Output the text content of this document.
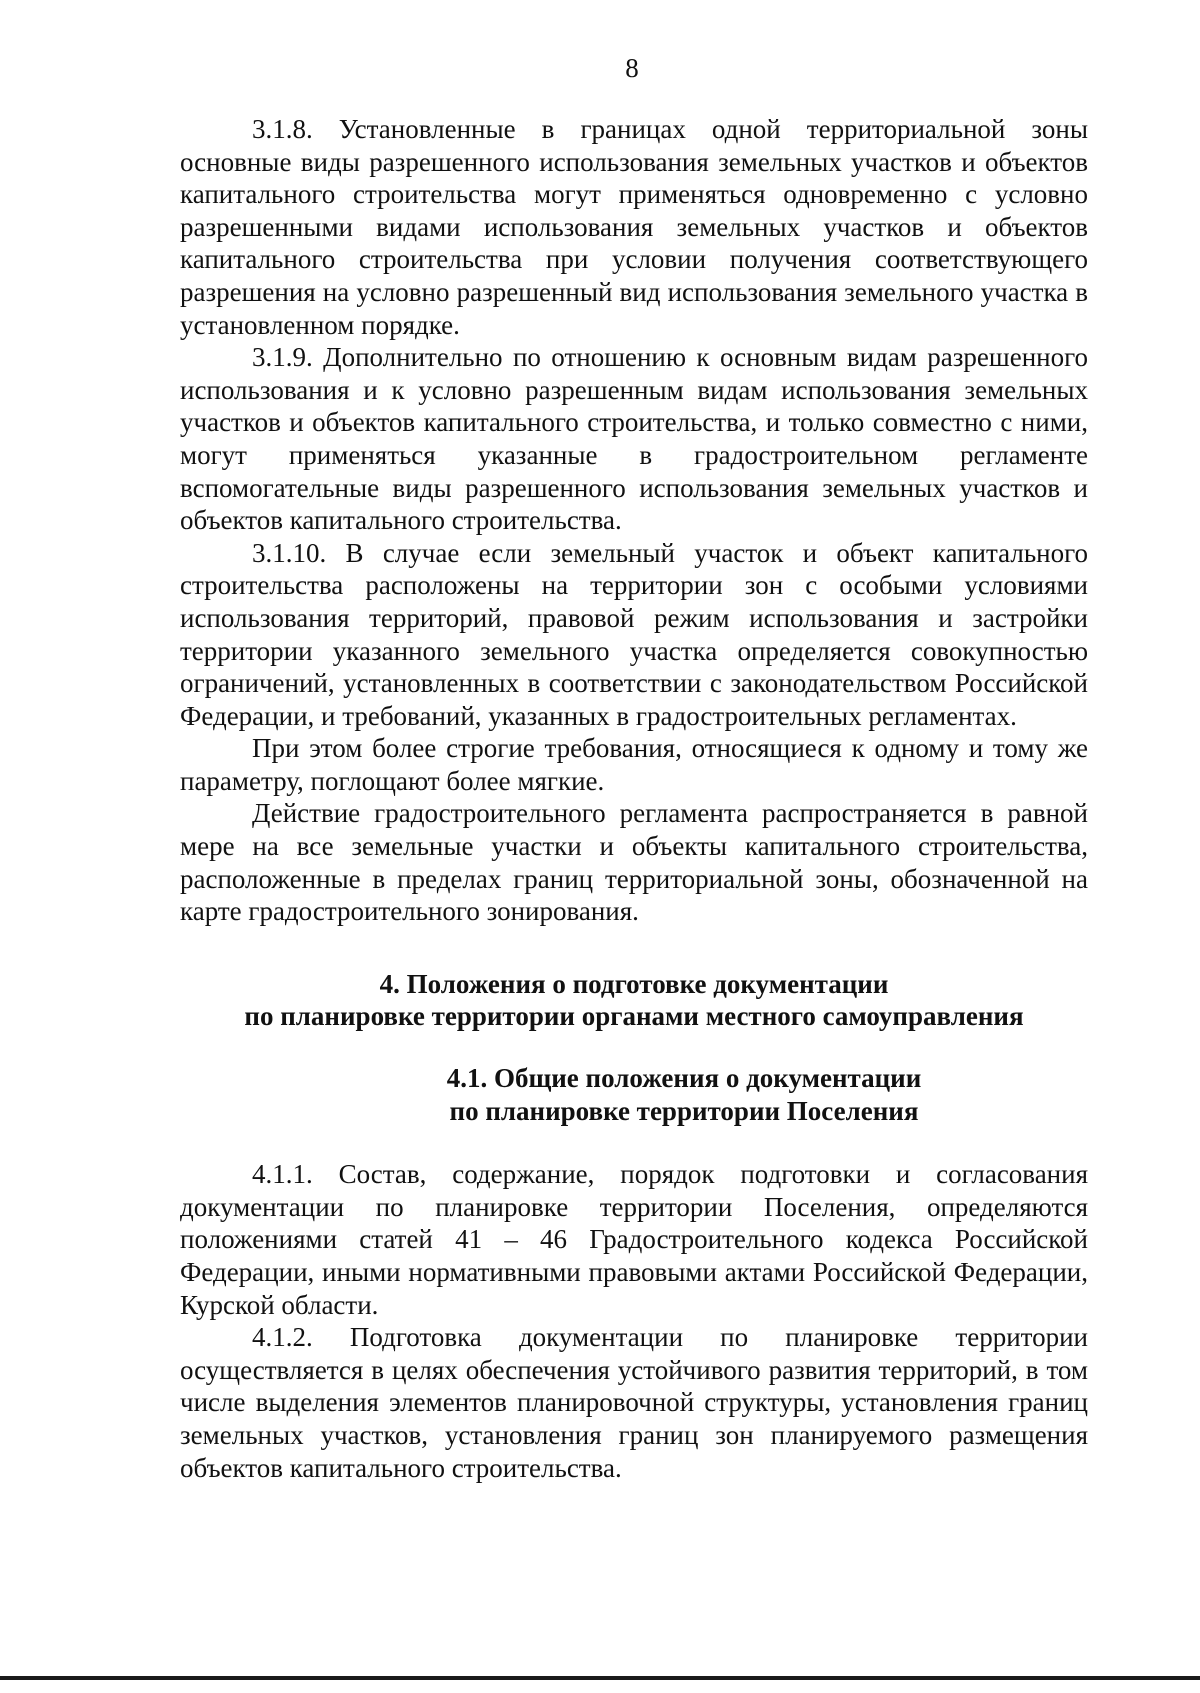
8

3.1.8. Установленные в границах одной территориальной зоны основные виды разрешенного использования земельных участков и объектов капитального строительства могут применяться одновременно с условно разрешенными видами использования земельных участков и объектов капитального строительства при условии получения соответствующего разрешения на условно разрешенный вид использования земельного участка в установленном порядке.

3.1.9. Дополнительно по отношению к основным видам разрешенного использования и к условно разрешенным видам использования земельных участков и объектов капитального строительства, и только совместно с ними, могут применяться указанные в градостроительном регламенте вспомогательные виды разрешенного использования земельных участков и объектов капитального строительства.

3.1.10. В случае если земельный участок и объект капитального строительства расположены на территории зон с особыми условиями использования территорий, правовой режим использования и застройки территории указанного земельного участка определяется совокупностью ограничений, установленных в соответствии с законодательством Российской Федерации, и требований, указанных в градостроительных регламентах.

При этом более строгие требования, относящиеся к одному и тому же параметру, поглощают более мягкие.

Действие градостроительного регламента распространяется в равной мере на все земельные участки и объекты капитального строительства, расположенные в пределах границ территориальной зоны, обозначенной на карте градостроительного зонирования.

4. Положения о подготовке документации
по планировке территории органами местного самоуправления
4.1. Общие положения о документации
по планировке территории Поселения

4.1.1. Состав, содержание, порядок подготовки и согласования документации по планировке территории Поселения, определяются положениями статей 41 – 46 Градостроительного кодекса Российской Федерации, иными нормативными правовыми актами Российской Федерации, Курской области.

4.1.2. Подготовка документации по планировке территории осуществляется в целях обеспечения устойчивого развития территорий, в том числе выделения элементов планировочной структуры, установления границ земельных участков, установления границ зон планируемого размещения объектов капитального строительства.
